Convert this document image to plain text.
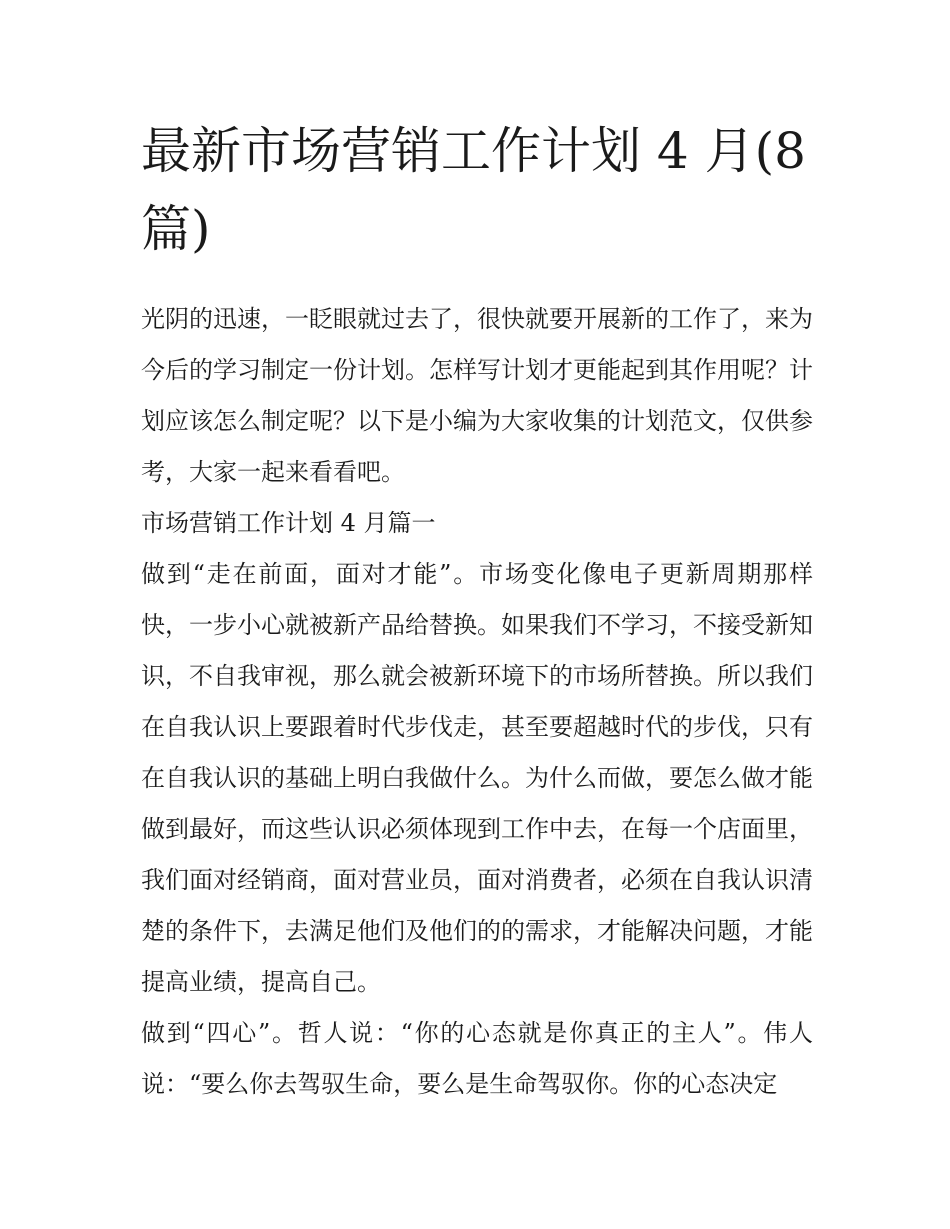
最新市场营销工作计划 4 月(8 篇)

光阴的迅速，一眨眼就过去了，很快就要开展新的工作了，来为今后的学习制定一份计划。怎样写计划才更能起到其作用呢？计划应该怎么制定呢？以下是小编为大家收集的计划范文，仅供参考，大家一起来看看吧。

市场营销工作计划 4 月篇一

做到“走在前面，面对才能”。市场变化像电子更新周期那样快，一步小心就被新产品给替换。如果我们不学习，不接受新知识，不自我审视，那么就会被新环境下的市场所替换。所以我们在自我认识上要跟着时代步伐走，甚至要超越时代的步伐，只有在自我认识的基础上明白我做什么。为什么而做，要怎么做才能做到最好，而这些认识必须体现到工作中去，在每一个店面里，我们面对经销商，面对营业员，面对消费者，必须在自我认识清楚的条件下，去满足他们及他们的的需求，才能解决问题，才能提高业绩，提高自己。

做到“四心”。哲人说：“你的心态就是你真正的主人”。伟人说：“要么你去驾驭生命，要么是生命驾驭你。你的心态决定
